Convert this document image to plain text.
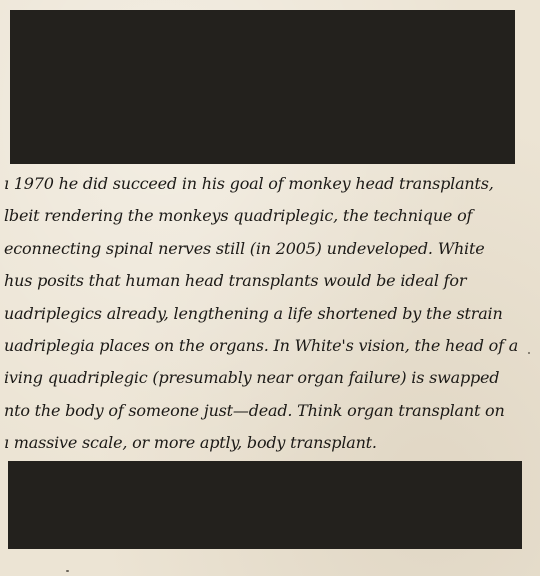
ı 1970 he did succeed in his goal of monkey head transplants,
lbeit rendering the monkeys quadriplegic, the technique of
econnecting spinal nerves still (in 2005) undeveloped. White
hus posits that human head transplants would be ideal for
uadriplegics already, lengthening a life shortened by the strain
uadriplegia places on the organs. In White's vision, the head of a
iving quadriplegic (presumably near organ failure) is swapped
nto the body of someone just—dead. Think organ transplant on
ı massive scale, or more aptly, body transplant.
